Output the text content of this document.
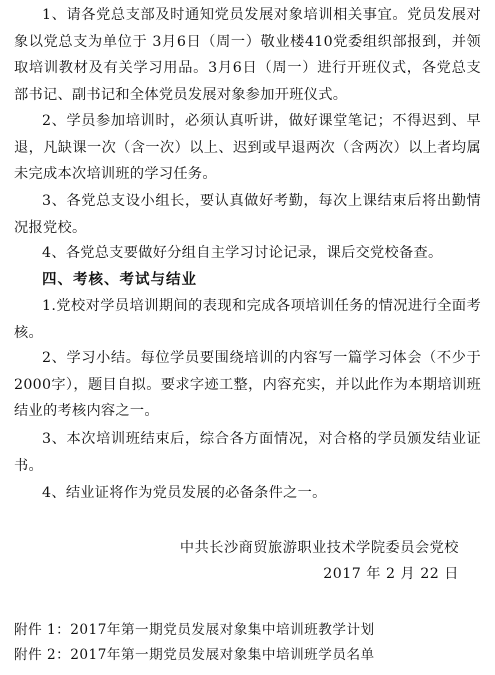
1、请各党总支部及时通知党员发展对象培训相关事宜。党员发展对象以党总支为单位于 3月6日（周一）敬业楼410党委组织部报到，并领取培训教材及有关学习用品。3月6日（周一）进行开班仪式，各党总支部书记、副书记和全体党员发展对象参加开班仪式。

2、学员参加培训时，必须认真听讲，做好课堂笔记；不得迟到、早退，凡缺课一次（含一次）以上、迟到或早退两次（含两次）以上者均属未完成本次培训班的学习任务。

3、各党总支设小组长，要认真做好考勤，每次上课结束后将出勤情况报党校。

4、各党总支要做好分组自主学习讨论记录，课后交党校备查。

四、考核、考试与结业

1.党校对学员培训期间的表现和完成各项培训任务的情况进行全面考核。

2、学习小结。每位学员要围绕培训的内容写一篇学习体会（不少于 2000字），题目自拟。要求字迹工整，内容充实，并以此作为本期培训班结业的考核内容之一。

3、本次培训班结束后，综合各方面情况，对合格的学员颁发结业证书。

4、结业证将作为党员发展的必备条件之一。

中共长沙商贸旅游职业技术学院委员会党校

2017 年 2 月 22 日

附件 1：2017年第一期党员发展对象集中培训班教学计划

附件 2：2017年第一期党员发展对象集中培训班学员名单
